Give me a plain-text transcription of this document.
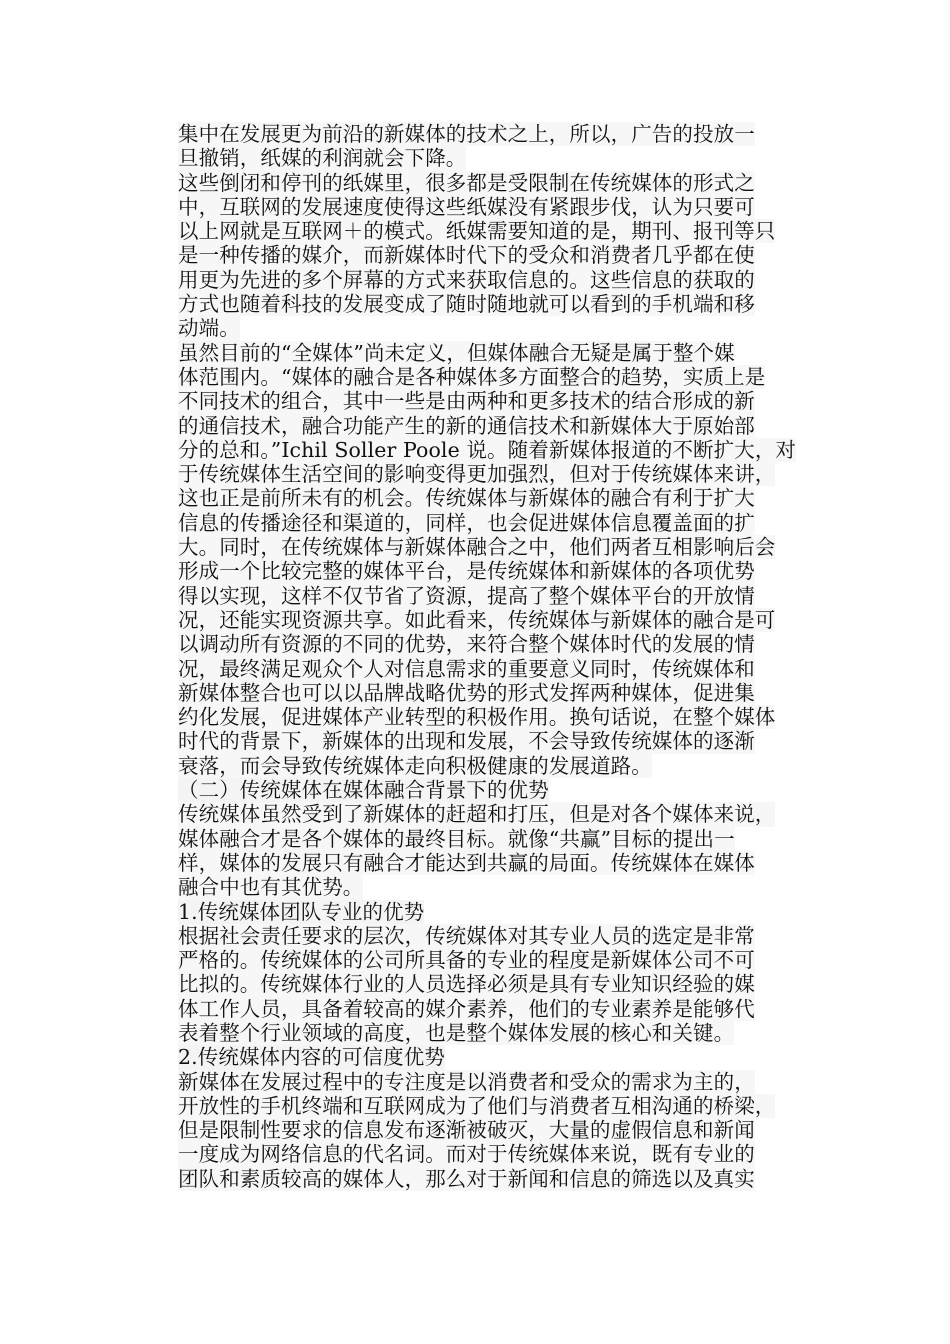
集中在发展更为前沿的新媒体的技术之上，所以，广告的投放一
旦撤销，纸媒的利润就会下降。
这些倒闭和停刊的纸媒里，很多都是受限制在传统媒体的形式之
中，互联网的发展速度使得这些纸媒没有紧跟步伐，认为只要可
以上网就是互联网＋的模式。纸媒需要知道的是，期刊、报刊等只
是一种传播的媒介，而新媒体时代下的受众和消费者几乎都在使
用更为先进的多个屏幕的方式来获取信息的。这些信息的获取的
方式也随着科技的发展变成了随时随地就可以看到的手机端和移
动端。
虽然目前的“全媒体”尚未定义，但媒体融合无疑是属于整个媒
体范围内。“媒体的融合是各种媒体多方面整合的趋势，实质上是
不同技术的组合，其中一些是由两种和更多技术的结合形成的新
的通信技术，融合功能产生的新的通信技术和新媒体大于原始部
分的总和。”Ichil Soller Poole 说。随着新媒体报道的不断扩大，对
于传统媒体生活空间的影响变得更加强烈，但对于传统媒体来讲，
这也正是前所未有的机会。传统媒体与新媒体的融合有利于扩大
信息的传播途径和渠道的，同样，也会促进媒体信息覆盖面的扩
大。同时，在传统媒体与新媒体融合之中，他们两者互相影响后会
形成一个比较完整的媒体平台，是传统媒体和新媒体的各项优势
得以实现，这样不仅节省了资源，提高了整个媒体平台的开放情
况，还能实现资源共享。如此看来，传统媒体与新媒体的融合是可
以调动所有资源的不同的优势，来符合整个媒体时代的发展的情
况，最终满足观众个人对信息需求的重要意义同时，传统媒体和
新媒体整合也可以以品牌战略优势的形式发挥两种媒体，促进集
约化发展，促进媒体产业转型的积极作用。换句话说，在整个媒体
时代的背景下，新媒体的出现和发展，不会导致传统媒体的逐渐
衰落，而会导致传统媒体走向积极健康的发展道路。
（二）传统媒体在媒体融合背景下的优势
传统媒体虽然受到了新媒体的赶超和打压，但是对各个媒体来说，
媒体融合才是各个媒体的最终目标。就像“共赢”目标的提出一
样，媒体的发展只有融合才能达到共赢的局面。传统媒体在媒体
融合中也有其优势。
1.传统媒体团队专业的优势
根据社会责任要求的层次，传统媒体对其专业人员的选定是非常
严格的。传统媒体的公司所具备的专业的程度是新媒体公司不可
比拟的。传统媒体行业的人员选择必须是具有专业知识经验的媒
体工作人员，具备着较高的媒介素养，他们的专业素养是能够代
表着整个行业领域的高度，也是整个媒体发展的核心和关键。
2.传统媒体内容的可信度优势
新媒体在发展过程中的专注度是以消费者和受众的需求为主的，
开放性的手机终端和互联网成为了他们与消费者互相沟通的桥梁，
但是限制性要求的信息发布逐渐被破灭，大量的虚假信息和新闻
一度成为网络信息的代名词。而对于传统媒体来说，既有专业的
团队和素质较高的媒体人，那么对于新闻和信息的筛选以及真实
